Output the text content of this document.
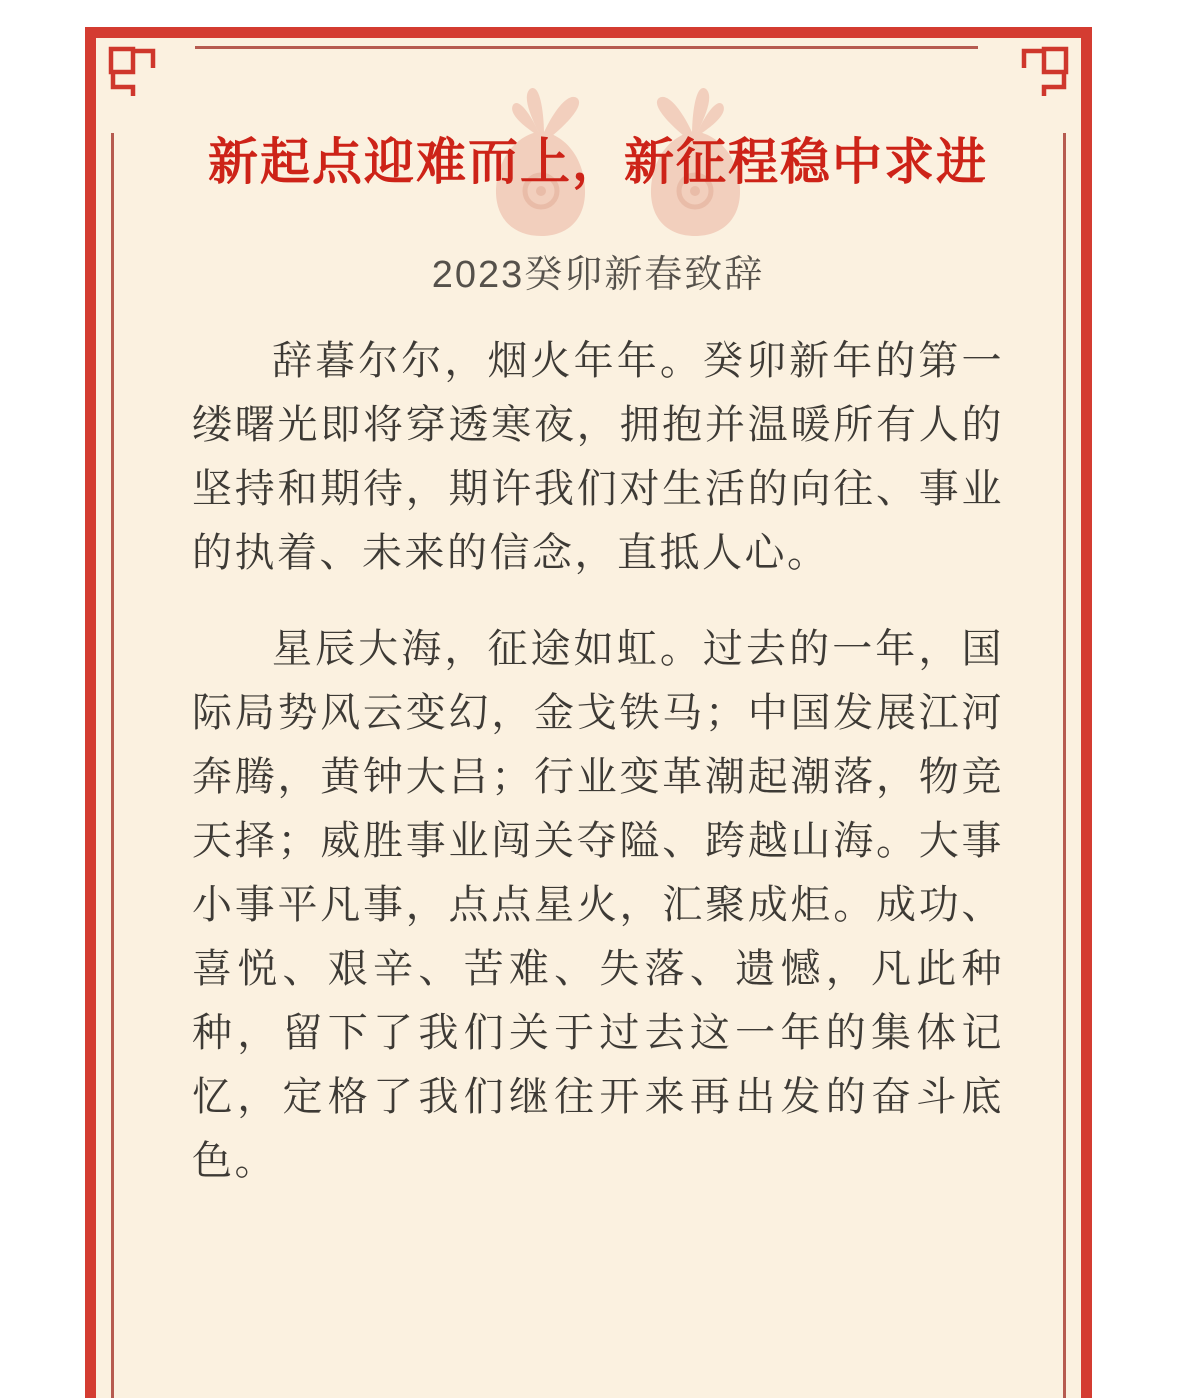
新起点迎难而上，新征程稳中求进
2023癸卯新春致辞

辞暮尔尔，烟火年年。癸卯新年的第一缕曙光即将穿透寒夜，拥抱并温暖所有人的坚持和期待，期许我们对生活的向往、事业的执着、未来的信念，直抵人心。

星辰大海，征途如虹。过去的一年，国际局势风云变幻，金戈铁马；中国发展江河奔腾，黄钟大吕；行业变革潮起潮落，物竞天择；威胜事业闯关夺隘、跨越山海。大事小事平凡事，点点星火，汇聚成炬。成功、喜悦、艰辛、苦难、失落、遗憾，凡此种种，留下了我们关于过去这一年的集体记忆，定格了我们继往开来再出发的奋斗底色。
